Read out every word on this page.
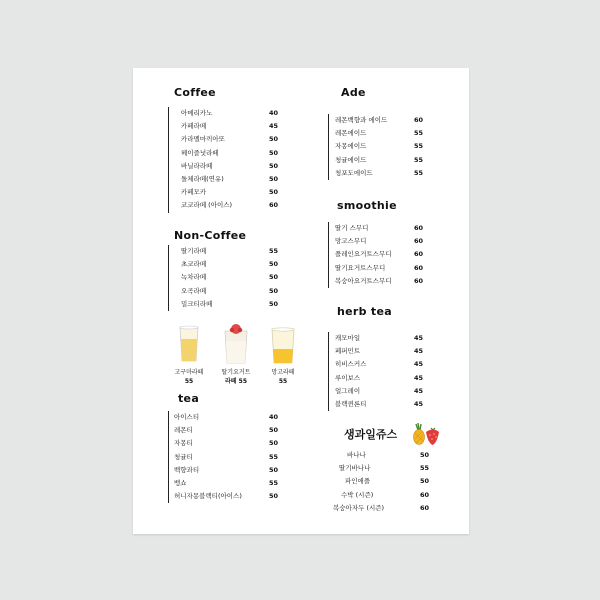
Coffee
아메리카노	40
카페라떼	45
카라멜마끼아또	50
헤이즐넛라떼	50
바닐라라떼	50
돌체라떼(연유)	50
카페모카	50
코코라떼 (아이스)	60
Non-Coffee
딸기라떼	55
초코라떼	50
녹차라떼	50
오곡라떼	50
밀크티라떼	50
고구마라떼
55
딸기요거트
라떼 55
망고라떼
55
tea
아이스티	40
레몬티	50
자몽티	50
청귤티	55
백향과티	50
뱅쇼	55
허니자몽블랙티(아이스)	50
Ade
레몬백향과 에이드	60
레몬에이드	55
자몽에이드	55
청귤에이드	55
청포도에이드	55
smoothie
딸기 스무디	60
망고스무디	60
플레인요거트스무디	60
딸기요거트스무디	60
복숭아요거트스무디	60
herb tea
캐모마일	45
페퍼민트	45
히비스커스	45
루이보스	45
얼그레이	45
블랙퀸론티	45
생과일쥬스
바나나	50
딸기바나나	55
파인애플	50
수박 (시즌)	60
복숭아자두 (시즌)	60
